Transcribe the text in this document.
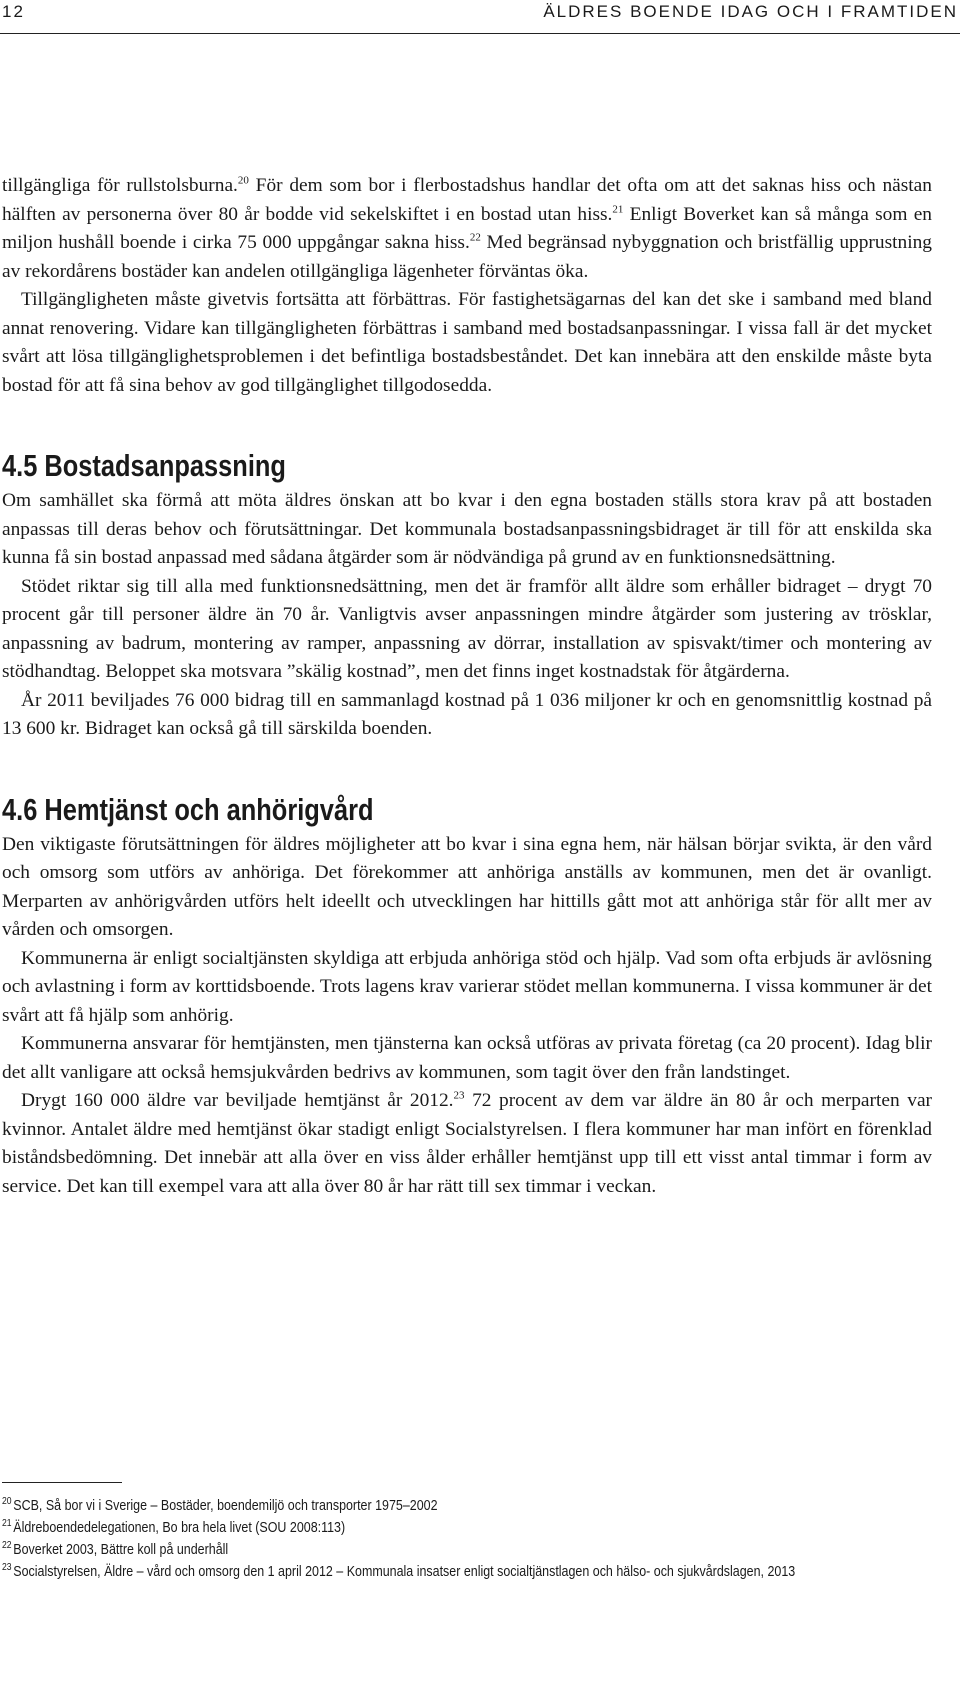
12	ÄLDRES BOENDE IDAG OCH I FRAMTIDEN

tillgängliga för rullstolsburna.$^{20}$ För dem som bor i flerbostadshus handlar det ofta om att det saknas hiss och nästan hälften av personerna över 80 år bodde vid sekelskiftet i en bostad utan hiss.$^{21}$ Enligt Boverket kan så många som en miljon hushåll boende i cirka 75 000 uppgångar sakna hiss.$^{22}$ Med begränsad nybyggnation och bristfällig upprustning av rekordårens bostäder kan andelen otillgängliga lägenheter förväntas öka.

Tillgängligheten måste givetvis fortsätta att förbättras. För fastighetsägarnas del kan det ske i samband med bland annat renovering. Vidare kan tillgängligheten förbättras i samband med bostadsanpassningar. I vissa fall är det mycket svårt att lösa tillgänglighetsproblemen i det befintliga bostadsbeståndet. Det kan innebära att den enskilde måste byta bostad för att få sina behov av god tillgänglighet tillgodosedda.

4.5 Bostadsanpassning

Om samhället ska förmå att möta äldres önskan att bo kvar i den egna bostaden ställs stora krav på att bostaden anpassas till deras behov och förutsättningar. Det kommunala bostadsanpassningsbidraget är till för att enskilda ska kunna få sin bostad anpassad med sådana åtgärder som är nödvändiga på grund av en funktionsnedsättning.

Stödet riktar sig till alla med funktionsnedsättning, men det är framför allt äldre som erhåller bidraget – drygt 70 procent går till personer äldre än 70 år. Vanligtvis avser anpassningen mindre åtgärder som justering av trösklar, anpassning av badrum, montering av ramper, anpassning av dörrar, installation av spisvakt/timer och montering av stödhandtag. Beloppet ska motsvara ”skälig kostnad”, men det finns inget kostnadstak för åtgärderna.

År 2011 beviljades 76 000 bidrag till en sammanlagd kostnad på 1 036 miljoner kr och en genomsnittlig kostnad på 13 600 kr. Bidraget kan också gå till särskilda boenden.

4.6 Hemtjänst och anhörigvård

Den viktigaste förutsättningen för äldres möjligheter att bo kvar i sina egna hem, när hälsan börjar svikta, är den vård och omsorg som utförs av anhöriga. Det förekommer att anhöriga anställs av kommunen, men det är ovanligt. Merparten av anhörigvården utförs helt ideellt och utvecklingen har hittills gått mot att anhöriga står för allt mer av vården och omsorgen.

Kommunerna är enligt socialtjänsten skyldiga att erbjuda anhöriga stöd och hjälp. Vad som ofta erbjuds är avlösning och avlastning i form av korttidsboende. Trots lagens krav varierar stödet mellan kommunerna. I vissa kommuner är det svårt att få hjälp som anhörig.

Kommunerna ansvarar för hemtjänsten, men tjänsterna kan också utföras av privata företag (ca 20 procent). Idag blir det allt vanligare att också hemsjukvården bedrivs av kommunen, som tagit över den från landstinget.

Drygt 160 000 äldre var beviljade hemtjänst år 2012.23 72 procent av dem var äldre än 80 år och merparten var kvinnor. Antalet äldre med hemtjänst ökar stadigt enligt Socialstyrelsen. I flera kommuner har man infört en förenklad biståndsbedömning. Det innebär att alla över en viss ålder erhåller hemtjänst upp till ett visst antal timmar i form av service. Det kan till exempel vara att alla över 80 år har rätt till sex timmar i veckan.

$^{20}$ SCB, Så bor vi i Sverige – Bostäder, boendemiljö och transporter 1975–2002
$^{21}$ Äldreboendedelegationen, Bo bra hela livet (SOU 2008:113)
$^{22}$ Boverket 2003, Bättre koll på underhåll
$^{23}$ Socialstyrelsen, Äldre – vård och omsorg den 1 april 2012 – Kommunala insatser enligt socialtjänstlagen och hälso- och sjukvårdslagen, 2013
